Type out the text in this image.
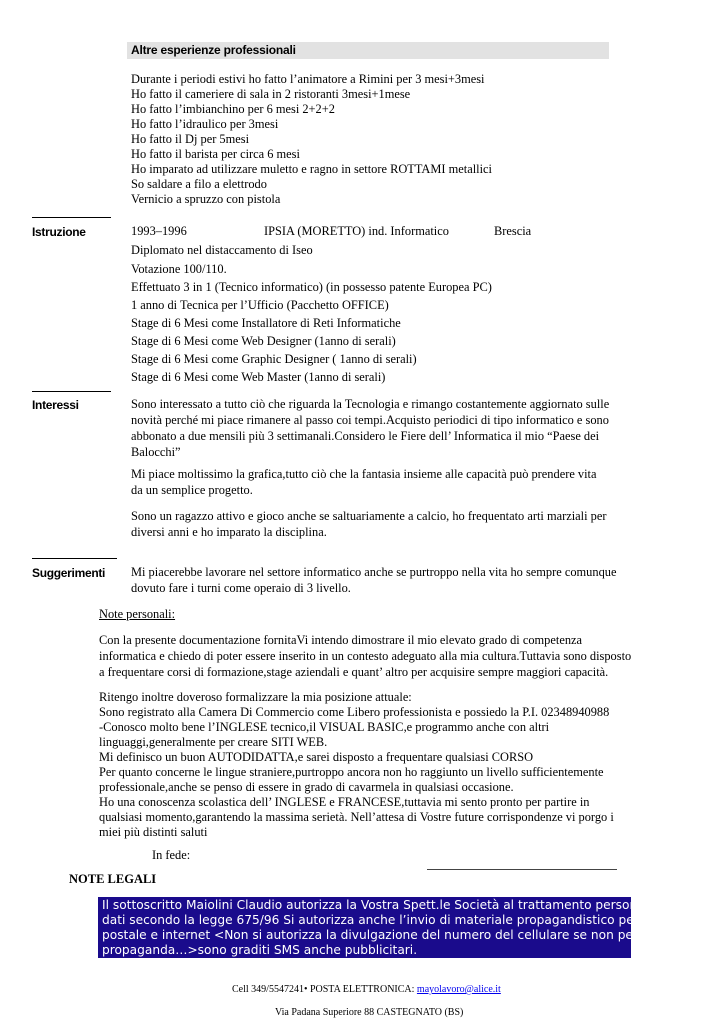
Altre esperienze professionali
Durante i periodi estivi ho fatto l’animatore a Rimini per 3 mesi+3mesi
Ho fatto il cameriere di sala in 2 ristoranti 3mesi+1mese
Ho fatto l’imbianchino per 6 mesi 2+2+2
Ho fatto l’idraulico per 3mesi
Ho fatto il Dj per 5mesi
Ho fatto il barista per circa 6 mesi
Ho imparato ad utilizzare muletto e ragno in settore ROTTAMI metallici
So saldare a filo a elettrodo
Vernicio a spruzzo con pistola
Istruzione	1993–1996	IPSIA (MORETTO) ind. Informatico	Brescia
Diplomato nel distaccamento di Iseo
Votazione 100/110.
Effettuato 3 in 1 (Tecnico informatico) (in possesso patente Europea PC)
1 anno di Tecnica per l’Ufficio (Pacchetto OFFICE)
Stage di 6 Mesi come Installatore di Reti Informatiche
Stage di 6 Mesi come Web Designer (1anno di serali)
Stage di 6 Mesi come Graphic Designer ( 1anno di serali)
Stage di 6 Mesi come Web Master (1anno di serali)
Interessi	Sono interessato a tutto ciò che riguarda la Tecnologia e rimango costantemente aggiornato sulle
novità perché mi piace rimanere al passo coi tempi.Acquisto periodici di tipo informatico e sono
abbonato a due mensili più 3 settimanali.Considero le Fiere dell’ Informatica il mio “Paese dei
Balocchi”
Mi piace moltissimo la grafica,tutto ciò che la fantasia insieme alle capacità può prendere vita
da un semplice progetto.
Sono un ragazzo attivo e gioco anche se saltuariamente a calcio, ho frequentato arti marziali per
diversi anni e ho imparato la disciplina.
Suggerimenti Mi piacerebbe lavorare nel settore informatico anche se purtroppo nella vita ho sempre comunque
dovuto fare i turni come operaio di 3 livello.
Note personali:
Con la presente documentazione fornitaVi intendo dimostrare il mio elevato grado di competenza
informatica e chiedo di poter essere inserito in un contesto adeguato alla mia cultura.Tuttavia sono disposto
a frequentare corsi di formazione,stage aziendali e quant’ altro per acquisire sempre maggiori capacità.
Ritengo inoltre doveroso formalizzare la mia posizione attuale:
Sono registrato alla Camera Di Commercio come Libero professionista e possiedo la P.I. 02348940988
-Conosco molto bene l’INGLESE tecnico,il VISUAL BASIC,e programmo anche con altri
linguaggi,generalmente per creare SITI WEB.
Mi definisco un buon AUTODIDATTA,e sarei disposto a frequentare qualsiasi CORSO
Per quanto concerne le lingue straniere,purtroppo ancora non ho raggiunto un livello sufficientemente
professionale,anche se penso di essere in grado di cavarmela in qualsiasi occasione.
Ho una conoscenza scolastica dell’ INGLESE e FRANCESE,tuttavia mi sento pronto per partire in
qualsiasi momento,garantendo la massima serietà. Nell’attesa di Vostre future corrispondenze vi porgo i
miei più distinti saluti
In fede:
NOTE LEGALI
Il sottoscritto Maiolini Claudio autorizza la Vostra Spett.le Società al trattamento personale dei
dati secondo la legge 675/96 Si autorizza anche l’invio di materiale propagandistico per mezzo
postale e internet <Non si autorizza la divulgazione del numero del cellulare se non per
propaganda…>sono graditi SMS anche pubblicitari.
Cell 349/5547241• POSTA ELETTRONICA: mayolavoro@alice.it
Via Padana Superiore 88 CASTEGNATO (BS)
